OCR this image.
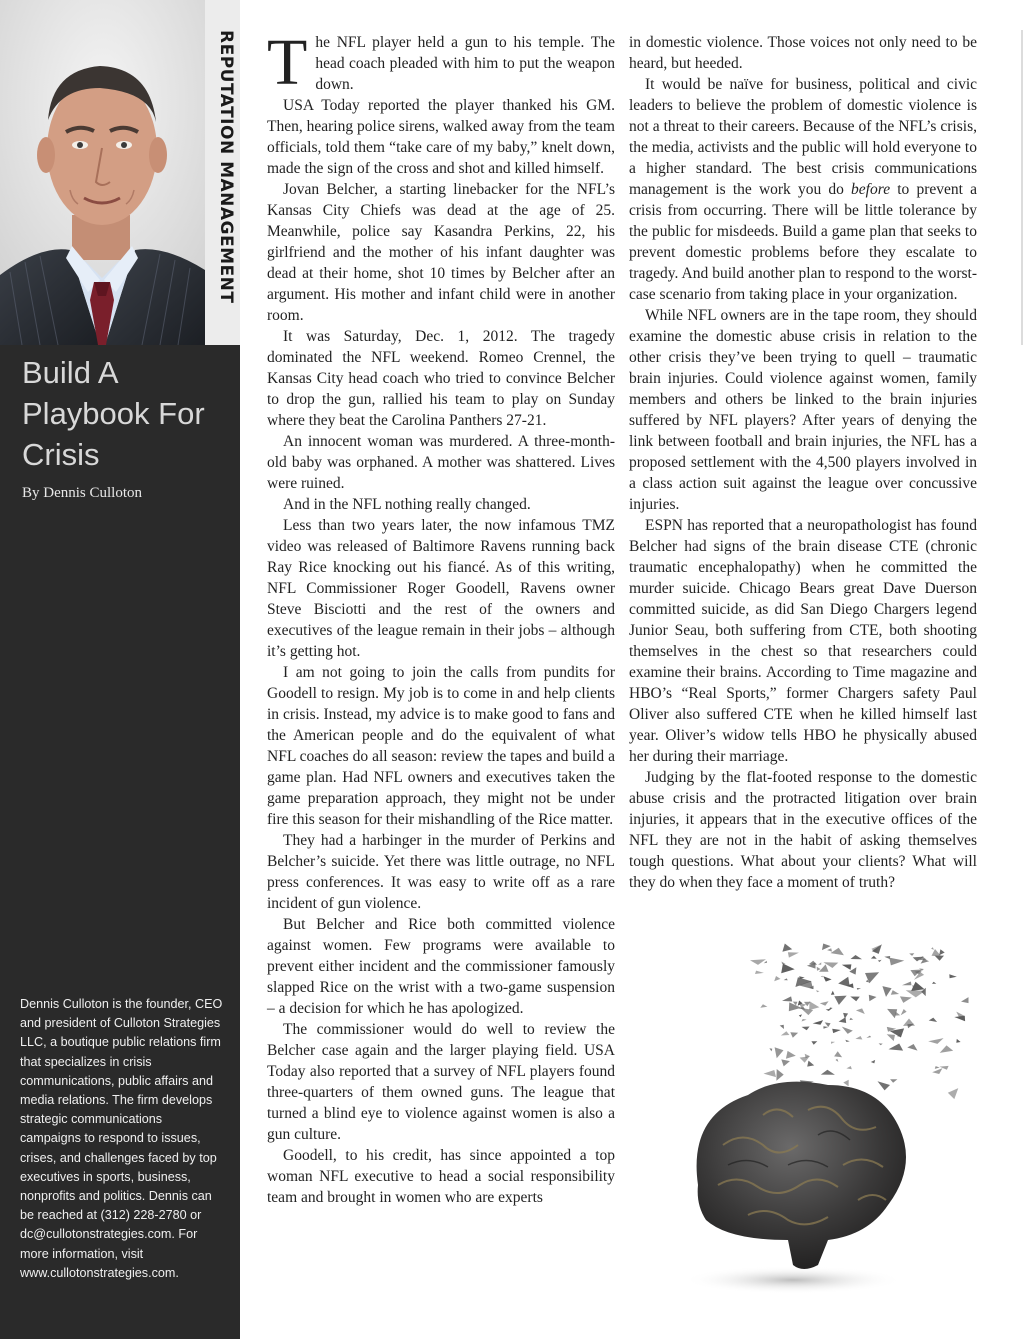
REPUTATION MANAGEMENT
Build A Playbook For Crisis
By Dennis Culloton

Dennis Culloton is the founder, CEO and president of Culloton Strategies LLC, a boutique public relations firm that specializes in crisis communications, public affairs and media relations. The firm develops strategic communications campaigns to respond to issues, crises, and challenges faced by top executives in sports, business, nonprofits and politics. Dennis can be reached at (312) 228-2780 or dc@cullotonstrategies.com. For more information, visit www.cullotonstrategies.com.

The NFL player held a gun to his temple. The head coach pleaded with him to put the weapon down.

USA Today reported the player thanked his GM. Then, hearing police sirens, walked away from the team officials, told them “take care of my baby,” knelt down, made the sign of the cross and shot and killed himself.

Jovan Belcher, a starting linebacker for the NFL’s Kansas City Chiefs was dead at the age of 25. Meanwhile, police say Kasandra Perkins, 22, his girlfriend and the mother of his infant daughter was dead at their home, shot 10 times by Belcher after an argument. His mother and infant child were in another room.

It was Saturday, Dec. 1, 2012. The tragedy dominated the NFL weekend. Romeo Crennel, the Kansas City head coach who tried to convince Belcher to drop the gun, rallied his team to play on Sunday where they beat the Carolina Panthers 27-21.

An innocent woman was murdered. A three-month-old baby was orphaned. A mother was shattered. Lives were ruined.

And in the NFL nothing really changed.

Less than two years later, the now infamous TMZ video was released of Baltimore Ravens running back Ray Rice knocking out his fiancé. As of this writing, NFL Commissioner Roger Goodell, Ravens owner Steve Bisciotti and the rest of the owners and executives of the league remain in their jobs – although it’s getting hot.

I am not going to join the calls from pundits for Goodell to resign. My job is to come in and help clients in crisis. Instead, my advice is to make good to fans and the American people and do the equivalent of what NFL coaches do all season: review the tapes and build a game plan. Had NFL owners and executives taken the game preparation approach, they might not be under fire this season for their mishandling of the Rice matter.

They had a harbinger in the murder of Perkins and Belcher’s suicide. Yet there was little outrage, no NFL press conferences. It was easy to write off as a rare incident of gun violence.

But Belcher and Rice both committed violence against women. Few programs were available to prevent either incident and the commissioner famously slapped Rice on the wrist with a two-game suspension – a decision for which he has apologized.

The commissioner would do well to review the Belcher case again and the larger playing field. USA Today also reported that a survey of NFL players found three-quarters of them owned guns. The league that turned a blind eye to violence against women is also a gun culture.

Goodell, to his credit, has since appointed a top woman NFL executive to head a social responsibility team and brought in women who are experts

in domestic violence. Those voices not only need to be heard, but heeded.

It would be naïve for business, political and civic leaders to believe the problem of domestic violence is not a threat to their careers. Because of the NFL’s crisis, the media, activists and the public will hold everyone to a higher standard. The best crisis communications management is the work you do before to prevent a crisis from occurring. There will be little tolerance by the public for misdeeds. Build a game plan that seeks to prevent domestic problems before they escalate to tragedy. And build another plan to respond to the worst-case scenario from taking place in your organization.

While NFL owners are in the tape room, they should examine the domestic abuse crisis in relation to the other crisis they’ve been trying to quell – traumatic brain injuries. Could violence against women, family members and others be linked to the brain injuries suffered by NFL players? After years of denying the link between football and brain injuries, the NFL has a proposed settlement with the 4,500 players involved in a class action suit against the league over concussive injuries.

ESPN has reported that a neuropathologist has found Belcher had signs of the brain disease CTE (chronic traumatic encephalopathy) when he committed the murder suicide. Chicago Bears great Dave Duerson committed suicide, as did San Diego Chargers legend Junior Seau, both suffering from CTE, both shooting themselves in the chest so that researchers could examine their brains. According to Time magazine and HBO’s “Real Sports,” former Chargers safety Paul Oliver also suffered CTE when he killed himself last year. Oliver’s widow tells HBO he physically abused her during their marriage.

Judging by the flat-footed response to the domestic abuse crisis and the protracted litigation over brain injuries, it appears that in the executive offices of the NFL they are not in the habit of asking themselves tough questions. What about your clients? What will they do when they face a moment of truth?
